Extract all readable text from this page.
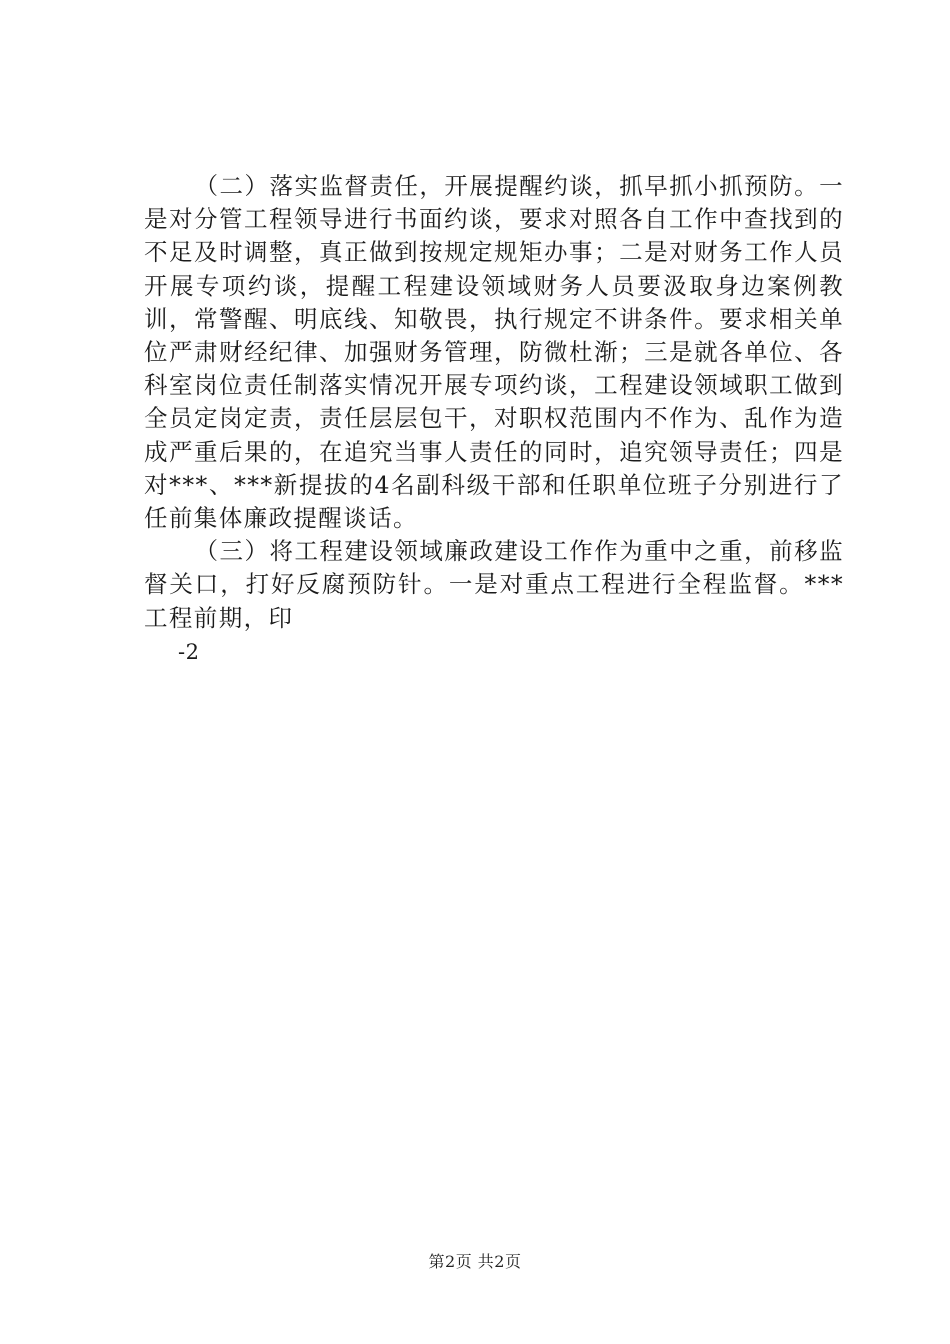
（二）落实监督责任，开展提醒约谈，抓早抓小抓预防。一是对分管工程领导进行书面约谈，要求对照各自工作中查找到的不足及时调整，真正做到按规定规矩办事；二是对财务工作人员开展专项约谈，提醒工程建设领域财务人员要汲取身边案例教训，常警醒、明底线、知敬畏，执行规定不讲条件。要求相关单位严肃财经纪律、加强财务管理，防微杜渐；三是就各单位、各科室岗位责任制落实情况开展专项约谈，工程建设领域职工做到全员定岗定责，责任层层包干，对职权范围内不作为、乱作为造成严重后果的，在追究当事人责任的同时，追究领导责任；四是对***、***新提拔的4名副科级干部和任职单位班子分别进行了任前集体廉政提醒谈话。

（三）将工程建设领域廉政建设工作作为重中之重，前移监督关口，打好反腐预防针。一是对重点工程进行全程监督。***工程前期，印

-2

第2页 共2页
